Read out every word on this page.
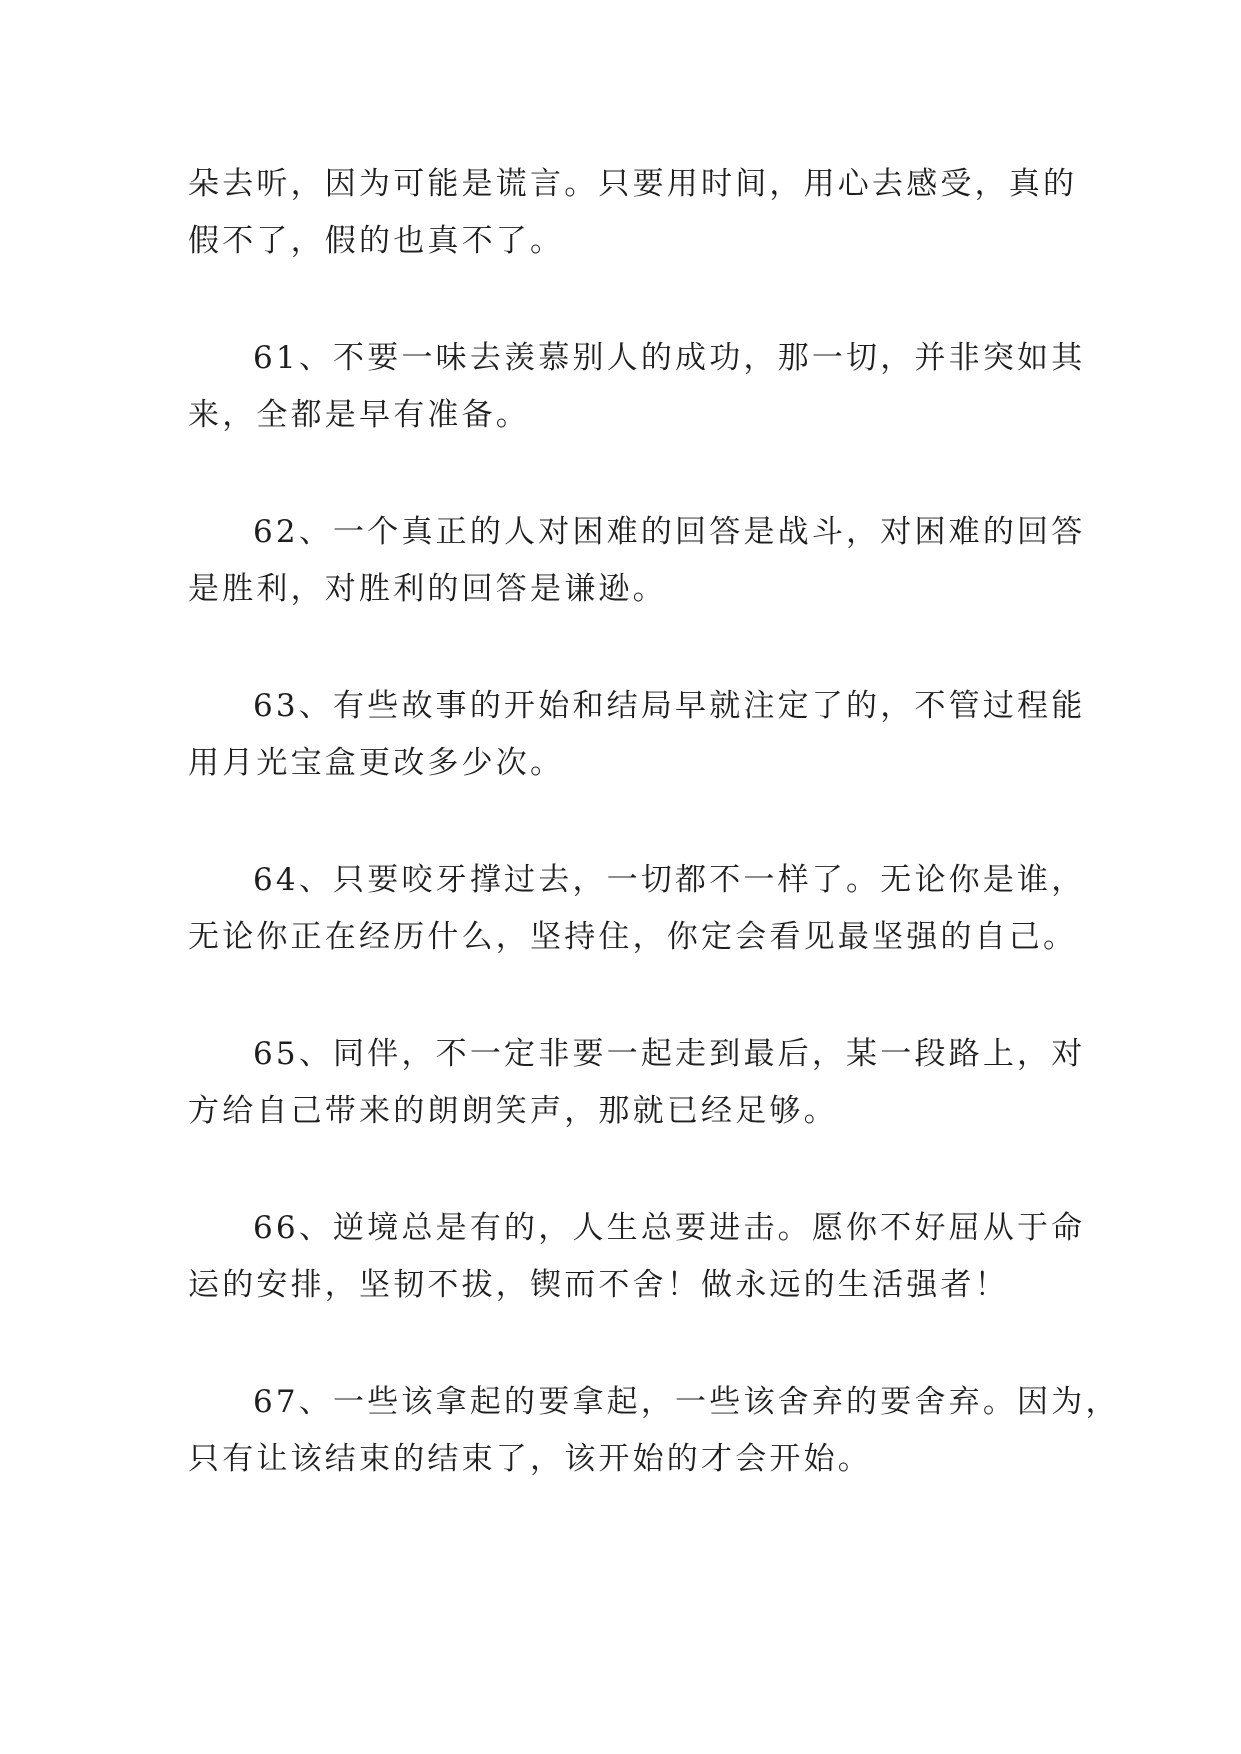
朵去听，因为可能是谎言。只要用时间，用心去感受，真的
假不了，假的也真不了。

61、不要一味去羡慕别人的成功，那一切，并非突如其
来，全都是早有准备。

62、一个真正的人对困难的回答是战斗，对困难的回答
是胜利，对胜利的回答是谦逊。

63、有些故事的开始和结局早就注定了的，不管过程能
用月光宝盒更改多少次。

64、只要咬牙撑过去，一切都不一样了。无论你是谁，
无论你正在经历什么，坚持住，你定会看见最坚强的自己。

65、同伴，不一定非要一起走到最后，某一段路上，对
方给自己带来的朗朗笑声，那就已经足够。

66、逆境总是有的，人生总要进击。愿你不好屈从于命
运的安排，坚韧不拔，锲而不舍！做永远的生活强者！

67、一些该拿起的要拿起，一些该舍弃的要舍弃。因为，
只有让该结束的结束了，该开始的才会开始。
